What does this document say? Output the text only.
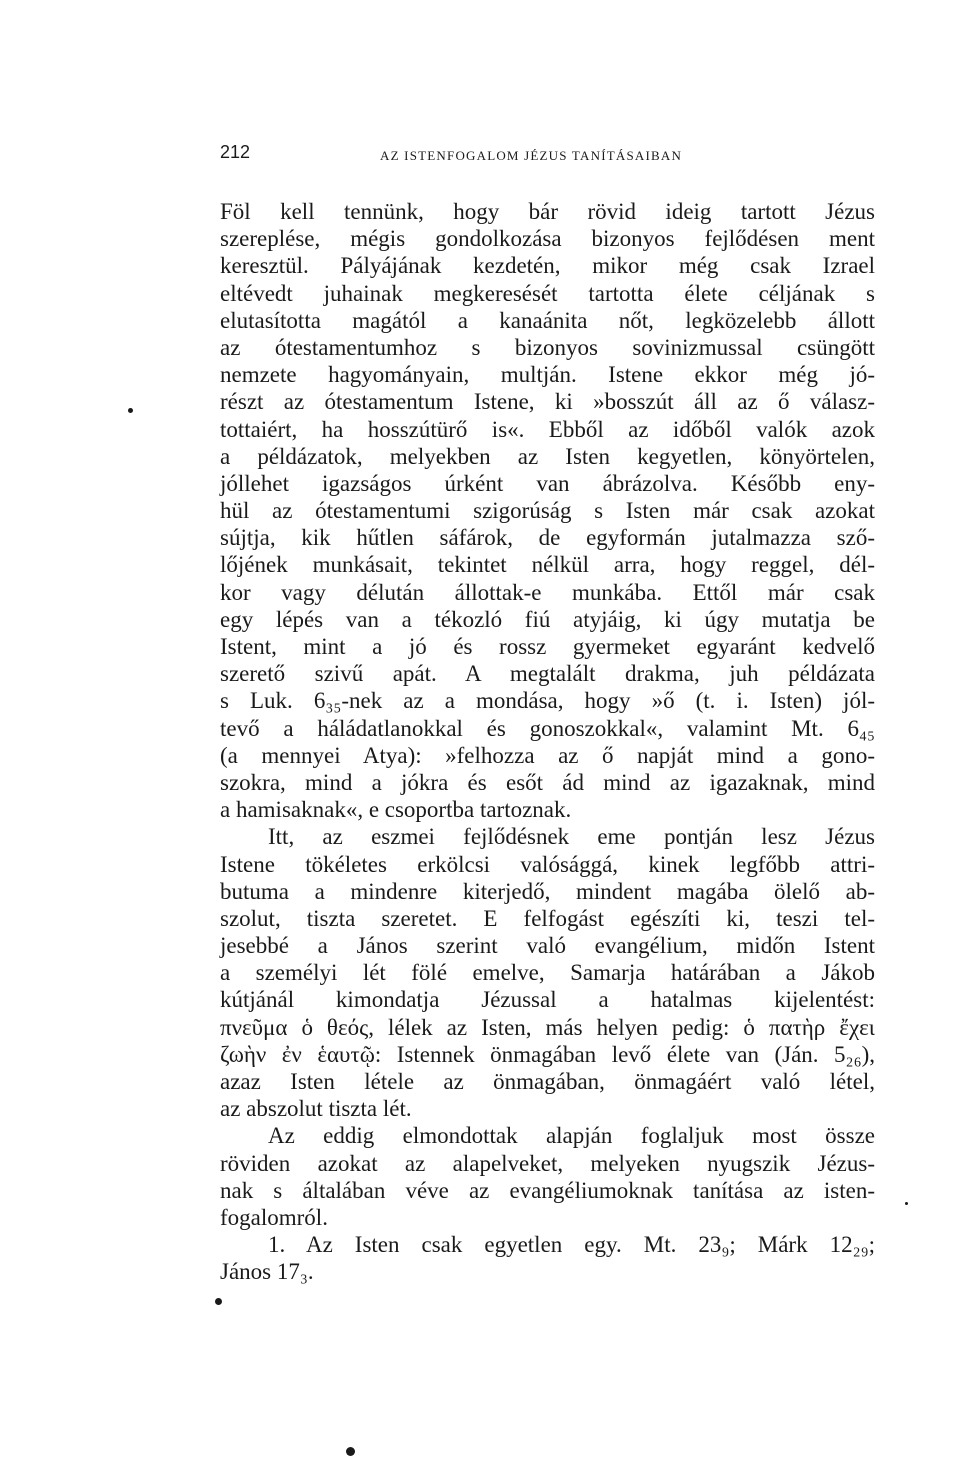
212	AZ ISTENFOGALOM JÉZUS TANÍTÁSAIBAN
Föl kell tennünk, hogy bár rövid ideig tartott Jézus
szereplése, mégis gondolkozása bizonyos fejlődésen ment
keresztül. Pályájának kezdetén, mikor még csak Izrael
eltévedt juhainak megkeresését tartotta élete céljának s
elutasította magától a kanaánita nőt, legközelebb állott
az ótestamentumhoz s bizonyos sovinizmussal csüngött
nemzete hagyományain, multján. Istene ekkor még jó-
részt az ótestamentum Istene, ki »bosszút áll az ő válasz-
tottaiért, ha hosszútürő is«. Ebből az időből valók azok
a példázatok, melyekben az Isten kegyetlen, könyörtelen,
jóllehet igazságos úrként van ábrázolva. Később eny-
hül az ótestamentumi szigorúság s Isten már csak azokat
sújtja, kik hűtlen sáfárok, de egyformán jutalmazza sző-
lőjének munkásait, tekintet nélkül arra, hogy reggel, dél-
kor vagy délután állottak-e munkába. Ettől már csak
egy lépés van a tékozló fiú atyjáig, ki úgy mutatja be
Istent, mint a jó és rossz gyermeket egyaránt kedvelő
szerető szivű apát. A megtalált drakma, juh példázata
s Luk. 6₃₅-nek az a mondása, hogy »ő (t. i. Isten) jól-
tevő a háládatlanokkal és gonoszokkal«, valamint Mt. 6₄₅
(a mennyei Atya): »felhozza az ő napját mind a gono-
szokra, mind a jókra és esőt ád mind az igazaknak, mind
a hamisaknak«, e csoportba tartoznak.
Itt, az eszmei fejlődésnek eme pontján lesz Jézus
Istene tökéletes erkölcsi valósággá, kinek legfőbb attri-
butuma a mindenre kiterjedő, mindent magába ölelő ab-
szolut, tiszta szeretet. E felfogást egészíti ki, teszi tel-
jesebbé a János szerint való evangélium, midőn Istent
a személyi lét fölé emelve, Samarja határában a Jákob
kútjánál kimondatja Jézussal a hatalmas kijelentést:
πνεῦμα ὁ θεός, lélek az Isten, más helyen pedig: ὁ πατὴρ ἔχει
ζωὴν ἐν ἑαυτῷ: Istennek önmagában levő élete van (Ján. 5₂₆),
azaz Isten létele az önmagában, önmagáért való létel,
az abszolut tiszta lét.
Az eddig elmondottak alapján foglaljuk most össze
röviden azokat az alapelveket, melyeken nyugszik Jézus-
nak s általában véve az evangéliumoknak tanítása az isten-
fogalomról.
1. Az Isten csak egyetlen egy. Mt. 23₉; Márk 12₂₉;
János 17₃.
